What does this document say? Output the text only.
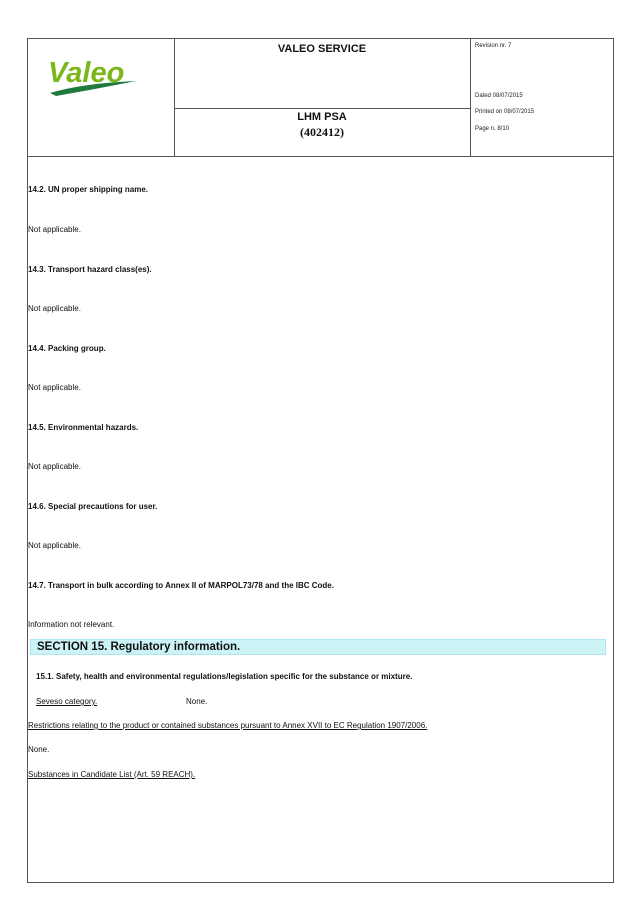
Valeo
VALEO SERVICE
LHM PSA
(402412)
Revision nr. 7
Dated 08/07/2015
Printed on 08/07/2015
Page n. 8/10
14.2. UN proper shipping name.
Not applicable.
14.3. Transport hazard class(es).
Not applicable.
14.4. Packing group.
Not applicable.
14.5. Environmental hazards.
Not applicable.
14.6. Special precautions for user.
Not applicable.
14.7. Transport in bulk according to Annex II of MARPOL73/78 and the IBC Code.
Information not relevant.
SECTION 15. Regulatory information.
15.1. Safety, health and environmental regulations/legislation specific for the substance or mixture.
Seveso category.	None.
Restrictions relating to the product or contained substances pursuant to Annex XVII to EC Regulation 1907/2006.
None.
Substances in Candidate List (Art. 59 REACH).
